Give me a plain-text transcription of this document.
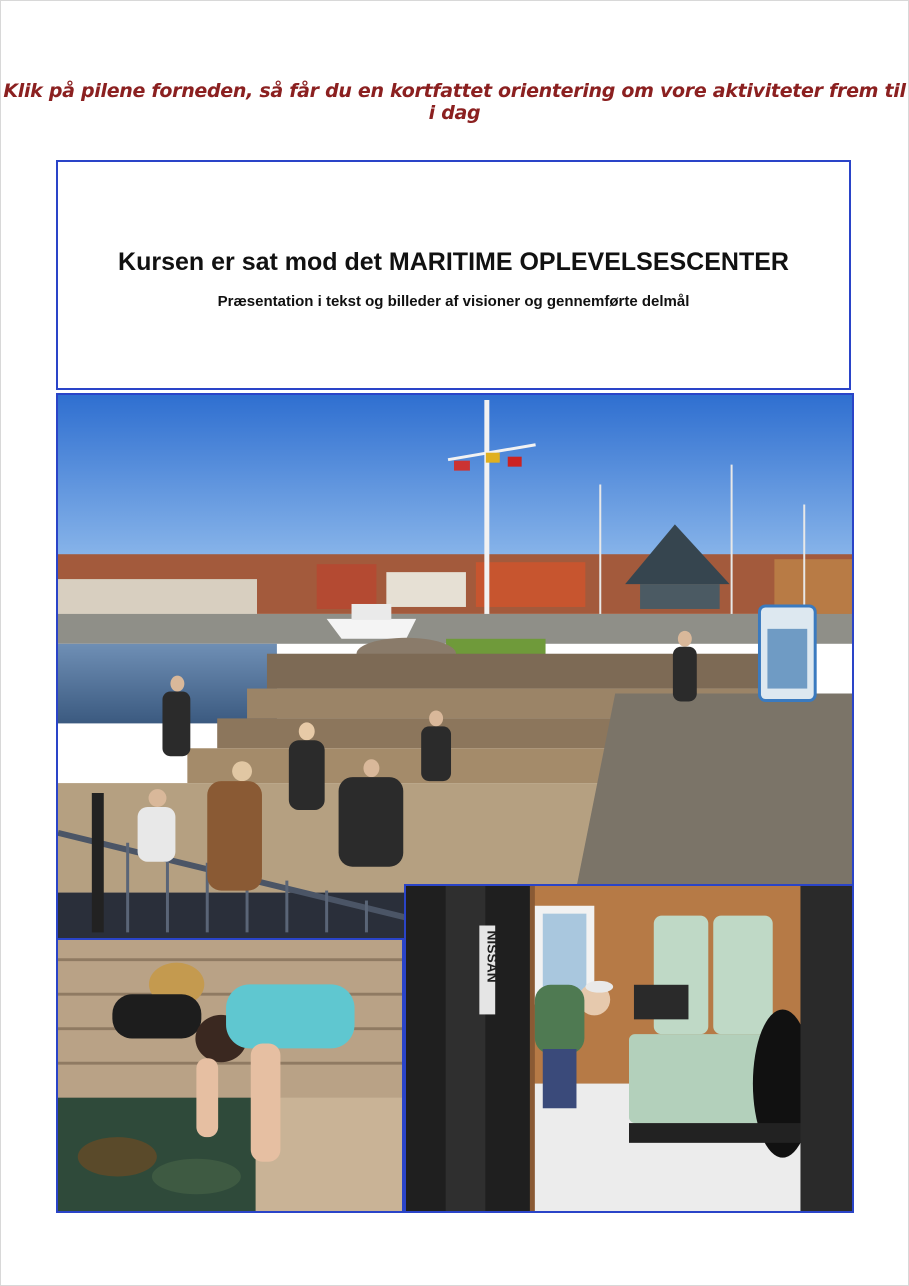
Klik på pilene forneden, så får du en kortfattet orientering om vore aktiviteter frem til i dag
Kursen er sat mod det MARITIME OPLEVELSESCENTER
Præsentation i tekst og billeder af visioner og gennemførte delmål
NISSAN
